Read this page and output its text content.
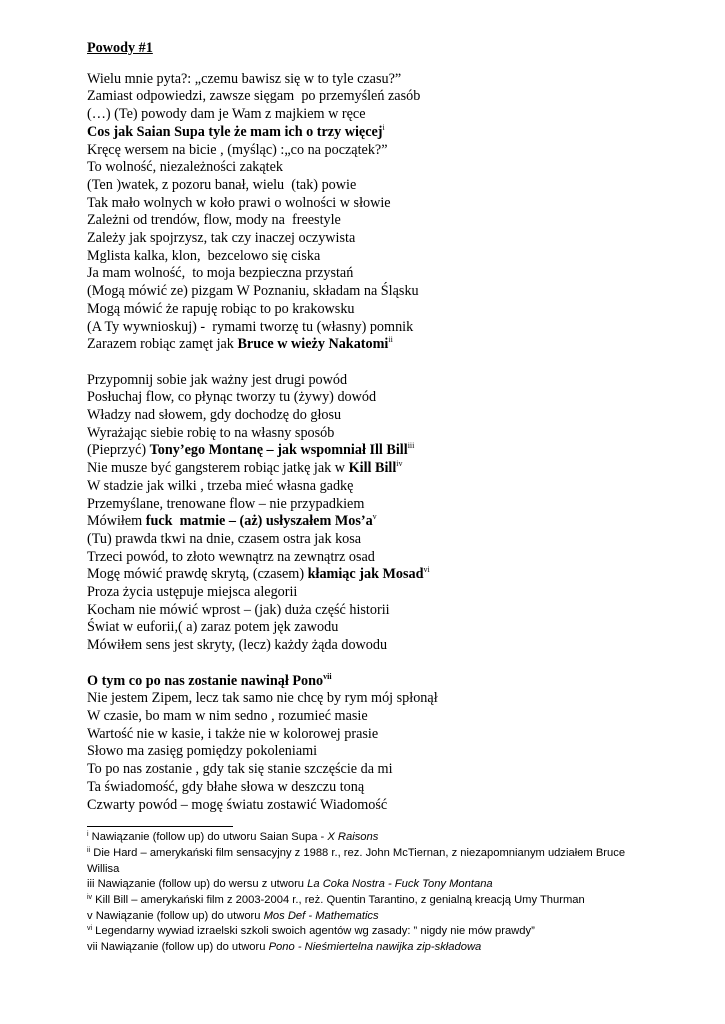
Powody #1
Wielu mnie pyta?: „czemu bawisz się w to tyle czasu?”
Zamiast odpowiedzi, zawsze sięgam  po przemyśleń zasób
(…) (Te) powody dam je Wam z majkiem w ręce
Cos jak Saian Supa tyle że mam ich o trzy więcej$^i$
Kręcę wersem na bicie , (myśląc) :„co na początek?”
To wolność, niezależności zakątek
(Ten )watek, z pozoru banał, wielu  (tak) powie
Tak mało wolnych w koło prawi o wolności w słowie
Zależni od trendów, flow, mody na  freestyle
Zależy jak spojrzysz, tak czy inaczej oczywista
Mglista kalka, klon,  bezcelowo się ciska
Ja mam wolność,  to moja bezpieczna przystań
(Mogą mówić ze) pizgam W Poznaniu, składam na Śląsku
Mogą mówić że rapuję robiąc to po krakowsku
(A Ty wywnioskuj) -  rymami tworzę tu (własny) pomnik
Zarazem robiąc zamęt jak Bruce w wieży Nakatomi$^{ii}$
Przypomnij sobie jak ważny jest drugi powód
Posłuchaj flow, co płynąc tworzy tu (żywy) dowód
Władzy nad słowem, gdy dochodzę do głosu
Wyrażając siebie robię to na własny sposób
(Pieprzyć) Tony’ego Montanę – jak wspomniał Ill Bill$^{iii}$
Nie musze być gangsterem robiąc jatkę jak w Kill Bill$^{iv}$
W stadzie jak wilki , trzeba mieć własna gadkę
Przemyślane, trenowane flow – nie przypadkiem
Mówiłem fuck  matmie – (aż) usłyszałem $Mos’a^v$
(Tu) prawda tkwi na dnie, czasem ostra jak kosa
Trzeci powód, to złoto wewnątrz na zewnątrz osad
Mogę mówić prawdę skrytą, (czasem) kłamiąc jak Mosad$^{vi}$
Proza życia ustępuje miejsca alegorii
Kocham nie mówić wprost – (jak) duża część historii
Świat w euforii,( a) zaraz potem jęk zawodu
Mówiłem sens jest skryty, (lecz) każdy żąda dowodu
O tym co po nas zostanie nawinął Pono$^{vii}$
Nie jestem Zipem, lecz tak samo nie chcę by rym mój spłonął
W czasie, bo mam w nim sedno , rozumieć masie
Wartość nie w kasie, i także nie w kolorowej prasie
Słowo ma zasięg pomiędzy pokoleniami
To po nas zostanie , gdy tak się stanie szczęście da mi
Ta świadomość, gdy błahe słowa w deszczu toną
Czwarty powód – mogę światu zostawić Wiadomość
$^i$ Nawiązanie (follow up) do utworu Saian Supa - X Raisons
$^{ii}$ Die Hard – amerykański film sensacyjny z 1988 r., rez. John McTiernan, z niezapomnianym udziałem Bruce Willisa
iii Nawiązanie (follow up) do wersu z utworu La Coka Nostra - Fuck Tony Montana
$^{iv}$ Kill Bill – amerykański film z 2003-2004 r., reż. Quentin Tarantino, z genialną kreacją Umy Thurman
v Nawiązanie (follow up) do utworu Mos Def - Mathematics
$^{vi}$ Legendarny wywiad izraelski szkoli swoich agentów wg zasady: ” nigdy nie mów prawdy”
vii Nawiązanie (follow up) do utworu Pono - Nieśmiertelna nawijka zip-składowa
